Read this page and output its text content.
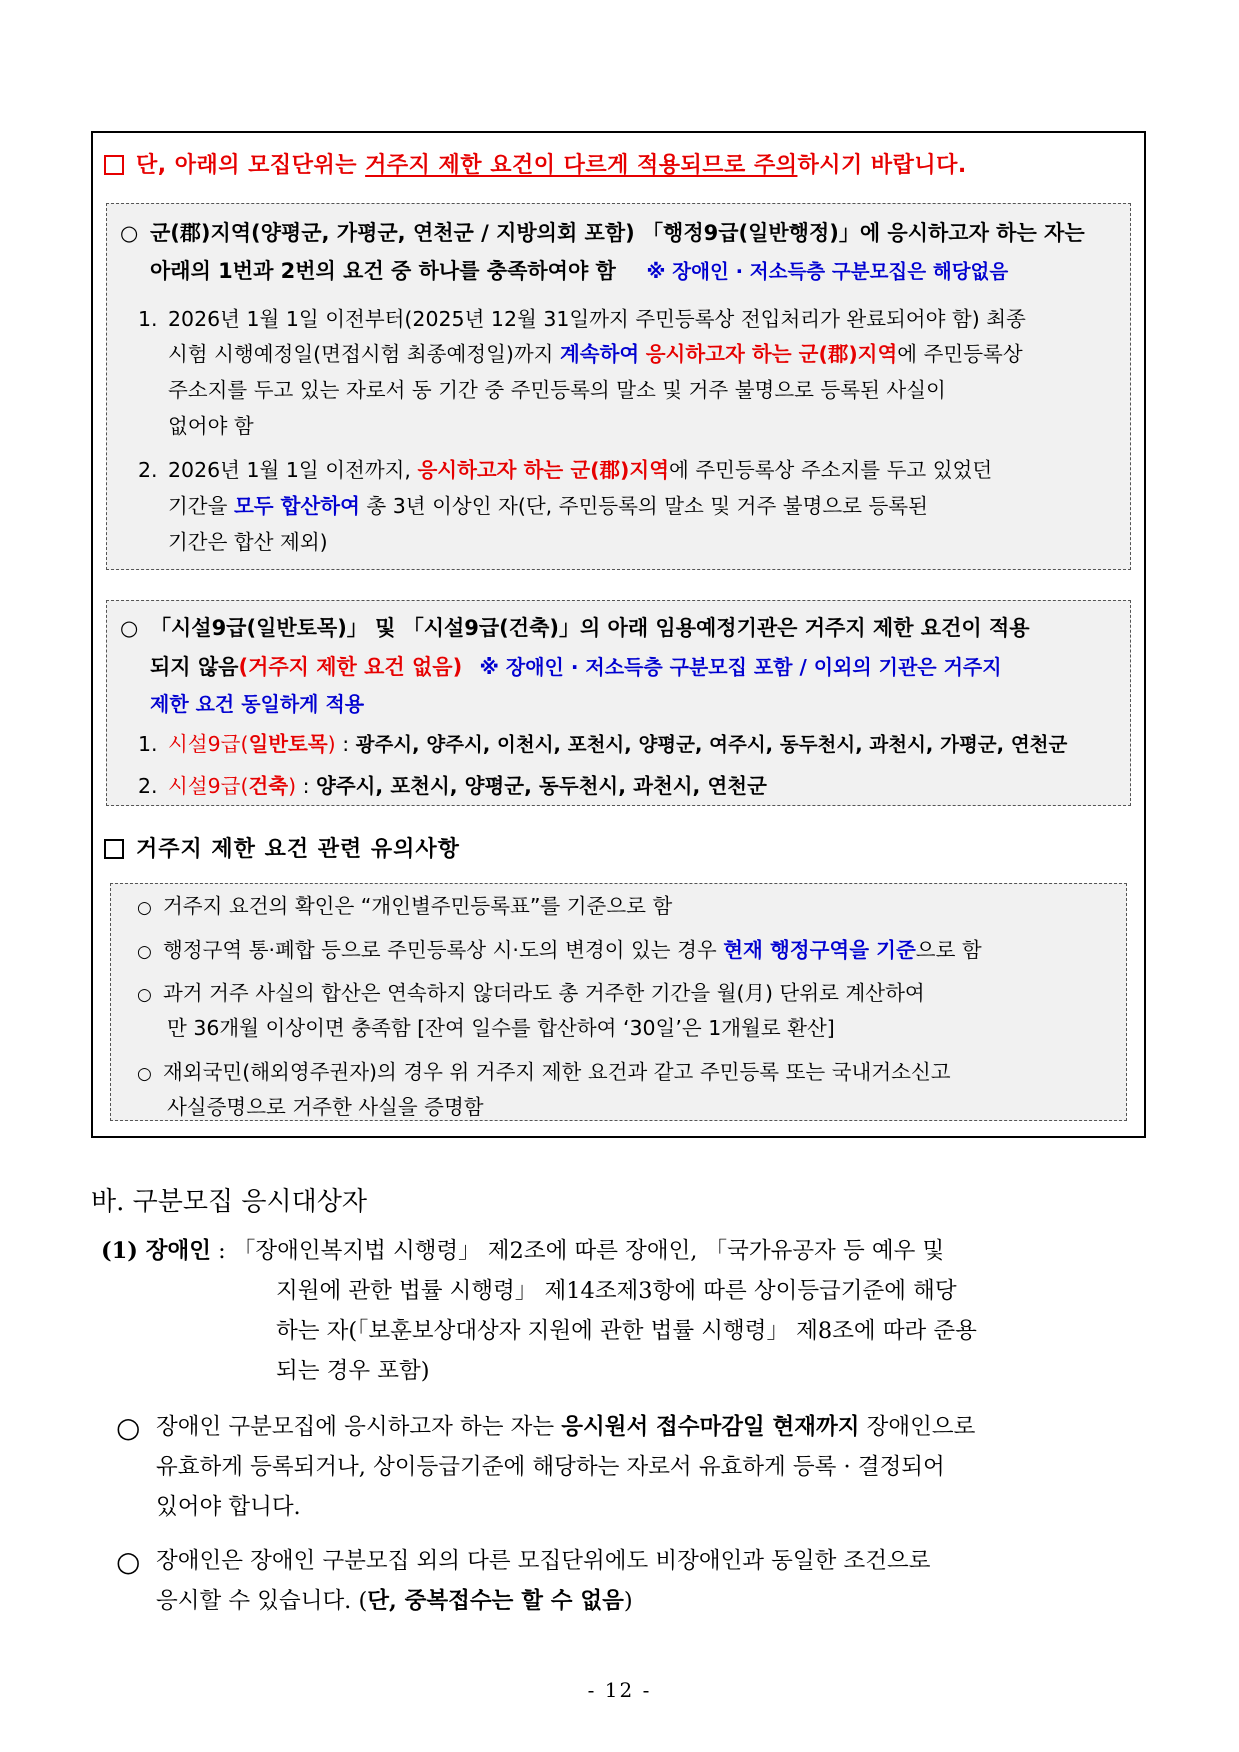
단, 아래의 모집단위는 거주지 제한 요건이 다르게 적용되므로 주의하시기 바랍니다.
○ 군(郡)지역(양평군, 가평군, 연천군 / 지방의회 포함) 「행정9급(일반행정)」에 응시하고자 하는 자는
아래의 1번과 2번의 요건 중 하나를 충족하여야 함 ※ 장애인 · 저소득층 구분모집은 해당없음
1. 2026년 1월 1일 이전부터(2025년 12월 31일까지 주민등록상 전입처리가 완료되어야 함) 최종
시험 시행예정일(면접시험 최종예정일)까지 계속하여 응시하고자 하는 군(郡)지역에 주민등록상
주소지를 두고 있는 자로서 동 기간 중 주민등록의 말소 및 거주 불명으로 등록된 사실이
없어야 함
2. 2026년 1월 1일 이전까지, 응시하고자 하는 군(郡)지역에 주민등록상 주소지를 두고 있었던
기간을 모두 합산하여 총 3년 이상인 자(단, 주민등록의 말소 및 거주 불명으로 등록된
기간은 합산 제외)
○ 「시설9급(일반토목)」 및 「시설9급(건축)」의 아래 임용예정기관은 거주지 제한 요건이 적용
되지 않음(거주지 제한 요건 없음) ※ 장애인 · 저소득층 구분모집 포함 / 이외의 기관은 거주지
제한 요건 동일하게 적용
1. 시설9급(일반토목) : 광주시, 양주시, 이천시, 포천시, 양평군, 여주시, 동두천시, 과천시, 가평군, 연천군
2. 시설9급(건축) : 양주시, 포천시, 양평군, 동두천시, 과천시, 연천군
거주지 제한 요건 관련 유의사항
○ 거주지 요건의 확인은 “개인별주민등록표”를 기준으로 함
○ 행정구역 통·폐합 등으로 주민등록상 시·도의 변경이 있는 경우 현재 행정구역을 기준으로 함
○ 과거 거주 사실의 합산은 연속하지 않더라도 총 거주한 기간을 월(月) 단위로 계산하여
만 36개월 이상이면 충족함 [잔여 일수를 합산하여 ‘30일’은 1개월로 환산]
○ 재외국민(해외영주권자)의 경우 위 거주지 제한 요건과 같고 주민등록 또는 국내거소신고
사실증명으로 거주한 사실을 증명함
바. 구분모집 응시대상자
(1) 장애인 : 「장애인복지법 시행령」 제2조에 따른 장애인, 「국가유공자 등 예우 및
지원에 관한 법률 시행령」 제14조제3항에 따른 상이등급기준에 해당
하는 자(「보훈보상대상자 지원에 관한 법률 시행령」 제8조에 따라 준용
되는 경우 포함)
○ 장애인 구분모집에 응시하고자 하는 자는 응시원서 접수마감일 현재까지 장애인으로
유효하게 등록되거나, 상이등급기준에 해당하는 자로서 유효하게 등록 · 결정되어
있어야 합니다.
○ 장애인은 장애인 구분모집 외의 다른 모집단위에도 비장애인과 동일한 조건으로
응시할 수 있습니다. (단, 중복접수는 할 수 없음)
- 12 -
